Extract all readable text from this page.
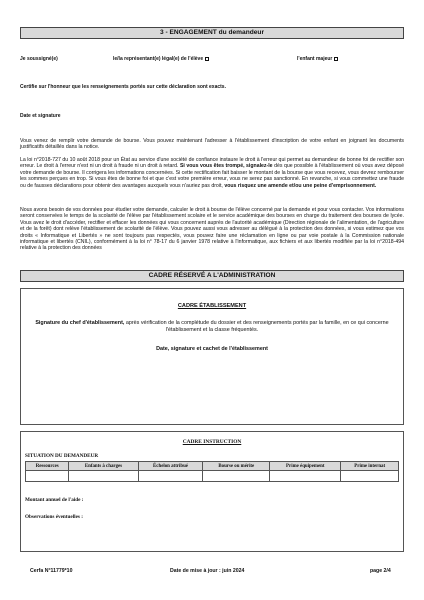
3 - ENGAGEMENT du demandeur
Je soussigné(e)	le/la représentant(e) légal(e) de l'élève	l'enfant majeur
Certifie sur l'honneur que les renseignements portés sur cette déclaration sont exacts.
Date et signature
Vous venez de remplir votre demande de bourse. Vous pouvez maintenant l'adresser à l'établissement d'inscription de votre enfant en joignant les documents justificatifs détaillés dans la notice.
La loi n°2018-727 du 10 août 2018 pour un État au service d'une société de confiance instaure le droit à l'erreur qui permet au demandeur de bonne foi de rectifier son erreur. Le droit à l'erreur n'est ni un droit à fraude ni un droit à retard. Si vous vous êtes trompé, signalez-le dès que possible à l'établissement où vous avez déposé votre demande de bourse. Il corrigera les informations concernées. Si cette rectification fait baisser le montant de la bourse que vous recevez, vous devrez rembourser les sommes perçues en trop. Si vous êtes de bonne foi et que c'est votre première erreur, vous ne serez pas sanctionné. En revanche, si vous commettez une fraude ou de fausses déclarations pour obtenir des avantages auxquels vous n'auriez pas droit, vous risquez une amende et/ou une peine d'emprisonnement.
Nous avons besoin de vos données pour étudier votre demande, calculer le droit à bourse de l'élève concerné par la demande et pour vous contacter. Vos informations seront conservées le temps de la scolarité de l'élève par l'établissement scolaire et le service académique des bourses en charge du traitement des bourses de lycée. Vous avez le droit d'accéder, rectifier et effacer les données qui vous concernent auprès de l'autorité académique (Direction régionale de l'alimentation, de l'agriculture et de la forêt) dont relève l'établissement de scolarité de l'élève. Vous pouvez aussi vous adresser au délégué à la protection des données, si vous estimez que vos droits « Informatique et Libertés » ne sont toujours pas respectés, vous pouvez faire une réclamation en ligne ou par voie postale à la Commission nationale informatique et libertés (CNIL), conformément à la loi n° 78-17 du 6 janvier 1978 relative à l'informatique, aux fichiers et aux libertés modifiée par la loi n°2018-494 relative à la protection des données
CADRE RÉSERVÉ A L'ADMINISTRATION
CADRE ÉTABLISSEMENT
Signature du chef d'établissement, après vérification de la complétude du dossier et des renseignements portés par la famille, en ce qui concerne l'établissement et la classe fréquentés.
Date, signature et cachet de l'établissement
CADRE INSTRUCTION
SITUATION DU DEMANDEUR
Ressources	Enfants à charges	Échelon attribué	Bourse ou mérite	Prime équipement	Prime internat

Montant annuel de l'aide :
Observations éventuelles :
Cerfa N°11779*10	Date de mise à jour : juin 2024	page 2/4
